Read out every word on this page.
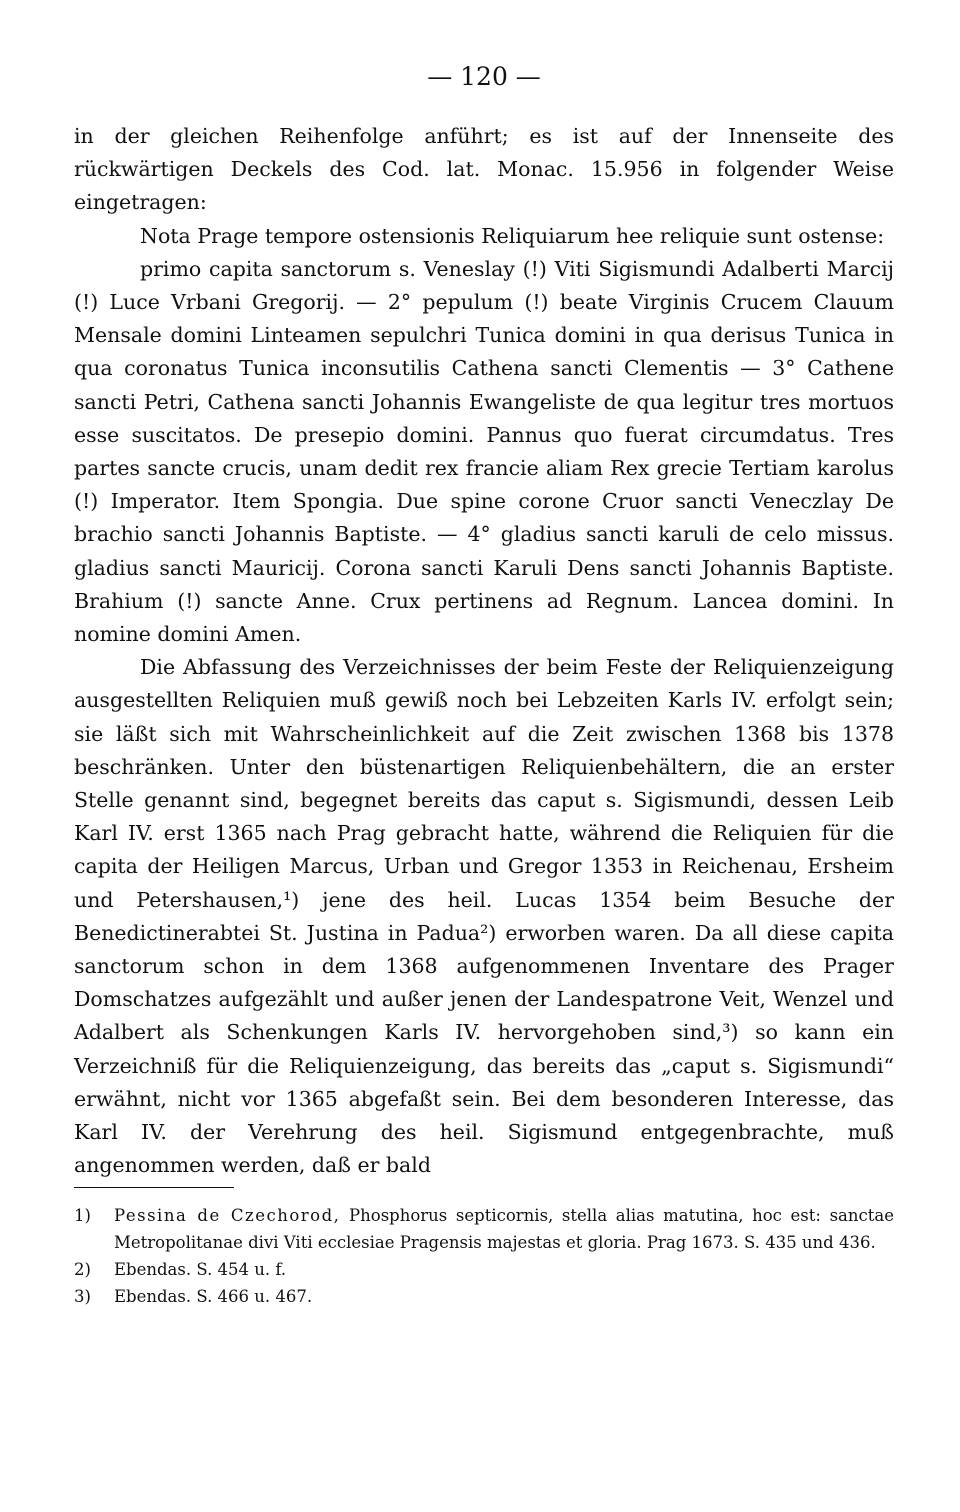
— 120 —

in der gleichen Reihenfolge anführt; es ist auf der Innenseite des rückwärtigen Deckels des Cod. lat. Monac. 15.956 in folgender Weise eingetragen:

Nota Prage tempore ostensionis Reliquiarum hee reliquie sunt ostense:

primo capita sanctorum s. Veneslay (!) Viti Sigismundi Adalberti Marcij (!) Luce Vrbani Gregorij. — 2° pepulum (!) beate Virginis Crucem Clauum Mensale domini Linteamen sepulchri Tunica domini in qua derisus Tunica in qua coronatus Tunica inconsutilis Cathena sancti Clementis — 3° Cathene sancti Petri, Cathena sancti Johannis Ewangeliste de qua legitur tres mortuos esse suscitatos. De presepio domini. Pannus quo fuerat circumdatus. Tres partes sancte crucis, unam dedit rex francie aliam Rex grecie Tertiam karolus (!) Imperator. Item Spongia. Due spine corone Cruor sancti Veneczlay De brachio sancti Johannis Baptiste. — 4° gladius sancti karuli de celo missus. gladius sancti Mauricij. Corona sancti Karuli Dens sancti Johannis Baptiste. Brahium (!) sancte Anne. Crux pertinens ad Regnum. Lancea domini. In nomine domini Amen.

Die Abfassung des Verzeichnisses der beim Feste der Reliquienzeigung ausgestellten Reliquien muß gewiß noch bei Lebzeiten Karls IV. erfolgt sein; sie läßt sich mit Wahrscheinlichkeit auf die Zeit zwischen 1368 bis 1378 beschränken. Unter den büstenartigen Reliquienbehältern, die an erster Stelle genannt sind, begegnet bereits das caput s. Sigismundi, dessen Leib Karl IV. erst 1365 nach Prag gebracht hatte, während die Reliquien für die capita der Heiligen Marcus, Urban und Gregor 1353 in Reichenau, Ersheim und Petershausen,¹) jene des heil. Lucas 1354 beim Besuche der Benedictinerabtei St. Justina in Padua²) erworben waren. Da all diese capita sanctorum schon in dem 1368 aufgenommenen Inventare des Prager Domschatzes aufgezählt und außer jenen der Landespatrone Veit, Wenzel und Adalbert als Schenkungen Karls IV. hervorgehoben sind,³) so kann ein Verzeichniß für die Reliquienzeigung, das bereits das „caput s. Sigismundi“ erwähnt, nicht vor 1365 abgefaßt sein. Bei dem besonderen Interesse, das Karl IV. der Verehrung des heil. Sigismund entgegenbrachte, muß angenommen werden, daß er bald

1)	Pessina de Czechorod, Phosphorus septicornis, stella alias matutina, hoc est: sanctae Metropolitanae divi Viti ecclesiae Pragensis majestas et gloria. Prag 1673. S. 435 und 436.
2)	Ebendas. S. 454 u. f.
3)	Ebendas. S. 466 u. 467.
